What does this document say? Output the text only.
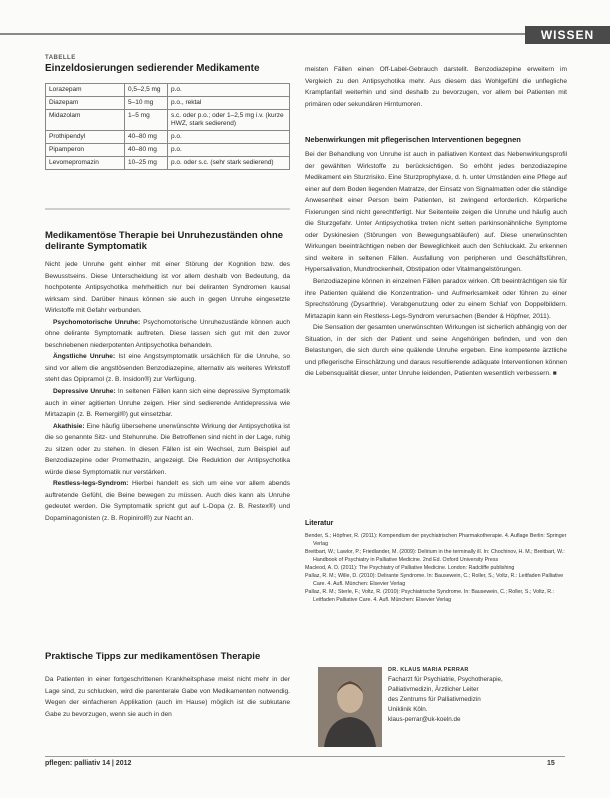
WISSEN
TABELLE
Einzeldosierungen sedierender Medikamente
Lorazepam	0,5–2,5 mg	p.o.
Diazepam	5–10 mg	p.o., rektal
Midazolam	1–5 mg	s.c. oder p.o.; oder 1–2,5 mg i.v. (kurze HWZ, stark sedierend)
Prothipendyl	40–80 mg	p.o.
Pipamperon	40–80 mg	p.o.
Levomepromazin	10–25 mg	p.o. oder s.c. (sehr stark sedierend)
Medikamentöse Therapie bei Unruhezuständen ohne delirante Symptomatik

Nicht jede Unruhe geht einher mit einer Störung der Kognition bzw. des Bewusstseins. Diese Unterscheidung ist vor allem deshalb von Bedeutung, da hochpotente Antipsychotika mehrheitlich nur bei deliranten Syndromen kausal wirksam sind. Darüber hinaus können sie auch in gegen Unruhe eingesetzte Wirkstoffe mit Gefahr verbunden.

Psychomotorische Unruhe: Psychomotorische Unruhezustände können auch ohne delirante Symptomatik auftreten. Diese lassen sich gut mit den zuvor beschriebenen niederpotenten Antipsychotika behandeln.

Ängstliche Unruhe: Ist eine Angstsymptomatik ursächlich für die Unruhe, so sind vor allem die angstlösenden Benzodiazepine, alternativ als weiteres Wirkstoff steht das Opipramol (z. B. Insidon®) zur Verfügung.

Depressive Unruhe: In seltenen Fällen kann sich eine depressive Symptomatik auch in einer agitierten Unruhe zeigen. Hier sind sedierende Antidepressiva wie Mirtazapin (z. B. Remergil®) gut einsetzbar.

Akathisie: Eine häufig übersehene unerwünschte Wirkung der Antipsychotika ist die so genannte Sitz- und Stehunruhe. Die Betroffenen sind nicht in der Lage, ruhig zu sitzen oder zu stehen. In diesen Fällen ist ein Wechsel, zum Beispiel auf Benzodiazepine oder Promethazin, angezeigt. Die Reduktion der Antipsychotika würde diese Symptomatik nur verstärken.

Restless-legs-Syndrom: Hierbei handelt es sich um eine vor allem abends auftretende Gefühl, die Beine bewegen zu müssen. Auch dies kann als Unruhe gedeutet werden. Die Symptomatik spricht gut auf L-Dopa (z. B. Restex®) und Dopaminagonisten (z. B. Ropinirol®) zur Nacht an.

Praktische Tipps zur medikamentösen Therapie

Da Patienten in einer fortgeschrittenen Krankheitsphase meist nicht mehr in der Lage sind, zu schlucken, wird die parenterale Gabe von Medikamenten notwendig. Wegen der einfacheren Applikation (auch im Hause) möglich ist die subkutane Gabe zu bevorzugen, wenn sie auch in den

meisten Fällen einen Off-Label-Gebrauch darstellt. Benzodiazepine erweitern im Vergleich zu den Antipsychotika mehr. Aus diesem das Wohlgefühl die unflegliche Krampfanfall weiterhin und sind deshalb zu bevorzugen, vor allem bei Patienten mit primären oder sekundären Hirntumoren.

Nebenwirkungen mit pflegerischen Interventionen begegnen

Bei der Behandlung von Unruhe ist auch in palliativen Kontext das Nebenwirkungsprofil der gewählten Wirkstoffe zu berücksichtigen. So erhöht jedes benzodiazepine Medikament ein Sturzrisiko. Eine Sturzprophylaxe, d. h. unter Umständen eine Pflege auf einer auf dem Boden liegenden Matratze, der Einsatz von Signalmatten oder die ständige Anwesenheit einer Person beim Patienten, ist zwingend erforderlich. Körperliche Fixierungen sind nicht gerechtfertigt. Nur Seitenteile zeigen die Unruhe und häufig auch die Sturzgefahr. Unter Antipsychotika treten nicht selten parkinsonähnliche Symptome oder Dyskinesien (Störungen von Bewegungsabläufen) auf. Diese unerwünschten Wirkungen beeinträchtigen neben der Beweglichkeit auch den Schluckakt. Zu erkennen sind weitere in seltenen Fällen. Ausfallung von peripheren und Geschäftsführen, Hypersalivation, Mundtrockenheit, Obstipation oder Vitalmangelstörungen.

Benzodiazepine können in einzelnen Fällen paradox wirken. Oft beeinträchtigen sie für ihre Patienten quälend die Konzentration- und Aufmerksamkeit oder führen zu einer Sprechstörung (Dysarthrie). Verabgenutzung oder zu einem Schlaf von Doppelbildern. Mirtazapin kann ein Restless-Legs-Syndrom verursachen (Bender & Höpfner, 2011).

Die Sensation der gesamten unerwünschten Wirkungen ist sicherlich abhängig von der Situation, in der sich der Patient und seine Angehörigen befinden, und von den Belastungen, die sich durch eine quälende Unruhe ergeben. Eine kompetente ärztliche und pflegerische Einschätzung und daraus resultierende adäquate Interventionen können die Lebensqualität dieser, unter Unruhe leidenden, Patienten wesentlich verbessern. ■

Literatur
Bender, S.; Höpfner, R. (2011): Kompendium der psychiatrischen Pharmakotherapie. 4. Auflage Berlin: Springer Verlag
Breitbart, W.; Lawlor, P.; Friedlander, M. (2009): Delirium in the terminally ill. In: Chochinov, H. M.; Breitbart, W.: Handbook of Psychiatry in Palliative Medicine. 2nd Ed. Oxford University Press
Macleod, A. D. (2011): The Psychiatry of Palliative Medicine. London: Radcliffe publishing
Pallaz, R. M.; Wille, D. (2010): Delirante Syndrome. In: Bausewein, C.; Roller, S.; Voltz, R.: Leitfaden Palliative Care. 4. Aufl. München: Elsevier Verlag
Pallaz, R. M.; Sterle, F.; Voltz, R. (2010): Psychiatrische Syndrome. In: Bausewein, C.; Roller, S.; Voltz, R.: Leitfaden Palliative Care. 4. Aufl. München: Elsevier Verlag
DR. KLAUS MARIA PERRAR
Facharzt für Psychiatrie, Psychotherapie,
Palliativmedizin, Ärztlicher Leiter
des Zentrums für Palliativmedizin
Uniklinik Köln.
klaus-perrar@uk-koeln.de
pflegen: palliativ 14 | 2012	15
